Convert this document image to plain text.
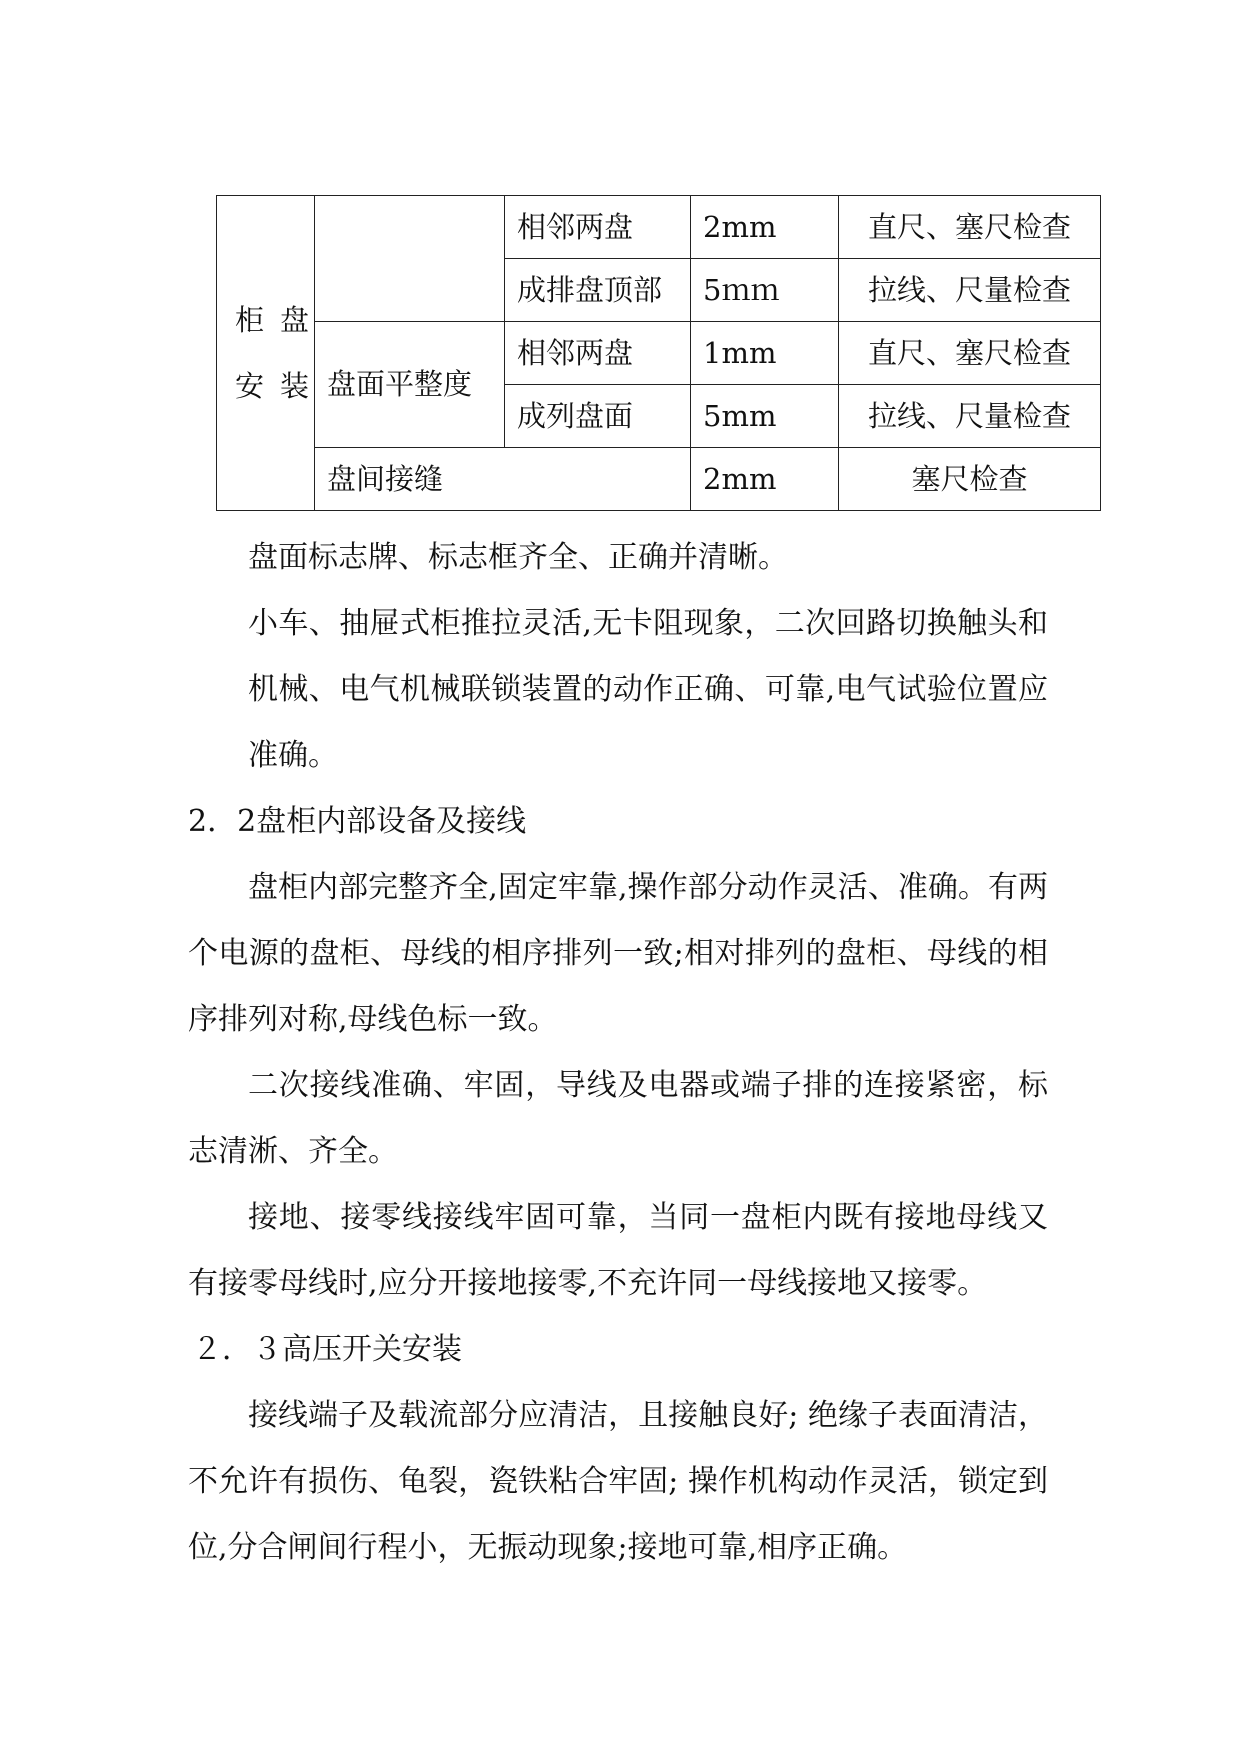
柜 盘
安 装		相邻两盘	2mm	直尺、塞尺检查
		成排盘顶部	5ｍｍ	拉线、尺量检查
	盘面平整度	相邻两盘	1mm	直尺、塞尺检查
		成列盘面	5mm	拉线、尺量检查
	盘间接缝		2mm	塞尺检查

盘面标志牌、标志框齐全、正确并清晰。

小车、抽屉式柜推拉灵活,无卡阻现象，二次回路切换触头和机械、电气机械联锁装置的动作正确、可靠,电气试验位置应准确。

2．2盘柜内部设备及接线

盘柜内部完整齐全,固定牢靠,操作部分动作灵活、准确。有两个电源的盘柜、母线的相序排列一致;相对排列的盘柜、母线的相序排列对称,母线色标一致。

二次接线准确、牢固，导线及电器或端子排的连接紧密，标志清淅、齐全。

接地、接零线接线牢固可靠，当同一盘柜内既有接地母线又有接零母线时,应分开接地接零,不充许同一母线接地又接零。

２．３高压开关安装

接线端子及载流部分应清洁，且接触良好; 绝缘子表面清洁，不允许有损伤、龟裂，瓷铁粘合牢固; 操作机构动作灵活，锁定到位,分合闸间行程小，无振动现象;接地可靠,相序正确。
